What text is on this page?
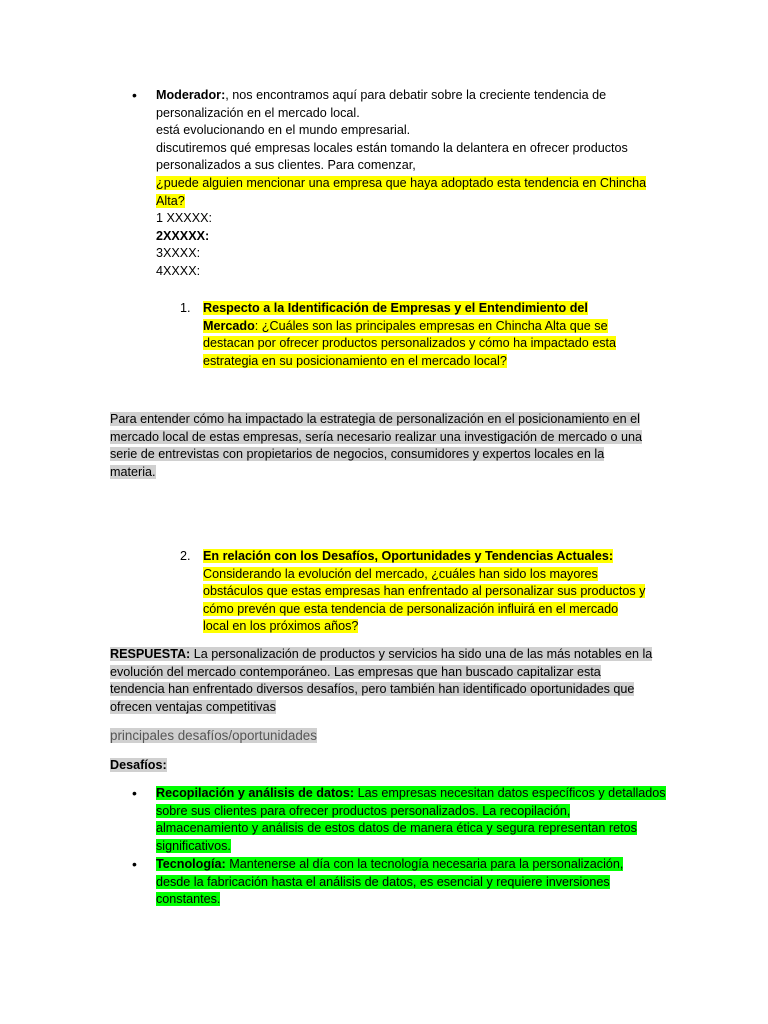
• Moderador:, nos encontramos aquí para debatir sobre la creciente tendencia de
personalización en el mercado local.
está evolucionando en el mundo empresarial.
discutiremos qué empresas locales están tomando la delantera en ofrecer productos
personalizados a sus clientes. Para comenzar,
¿puede alguien mencionar una empresa que haya adoptado esta tendencia en Chincha
Alta?
1 XXXXX:
2XXXXX:
3XXXX:
4XXXX:
1. Respecto a la Identificación de Empresas y el Entendimiento del
Mercado: ¿Cuáles son las principales empresas en Chincha Alta que se
destacan por ofrecer productos personalizados y cómo ha impactado esta
estrategia en su posicionamiento en el mercado local?
Para entender cómo ha impactado la estrategia de personalización en el posicionamiento en el
mercado local de estas empresas, sería necesario realizar una investigación de mercado o una
serie de entrevistas con propietarios de negocios, consumidores y expertos locales en la
materia.
2. En relación con los Desafíos, Oportunidades y Tendencias Actuales:
Considerando la evolución del mercado, ¿cuáles han sido los mayores
obstáculos que estas empresas han enfrentado al personalizar sus productos y
cómo prevén que esta tendencia de personalización influirá en el mercado
local en los próximos años?
RESPUESTA: La personalización de productos y servicios ha sido una de las más notables en la
evolución del mercado contemporáneo. Las empresas que han buscado capitalizar esta
tendencia han enfrentado diversos desafíos, pero también han identificado oportunidades que
ofrecen ventajas competitivas
principales desafíos/oportunidades
Desafíos:
• Recopilación y análisis de datos: Las empresas necesitan datos específicos y detallados
sobre sus clientes para ofrecer productos personalizados. La recopilación,
almacenamiento y análisis de estos datos de manera ética y segura representan retos
significativos.
• Tecnología: Mantenerse al día con la tecnología necesaria para la personalización,
desde la fabricación hasta el análisis de datos, es esencial y requiere inversiones
constantes.
